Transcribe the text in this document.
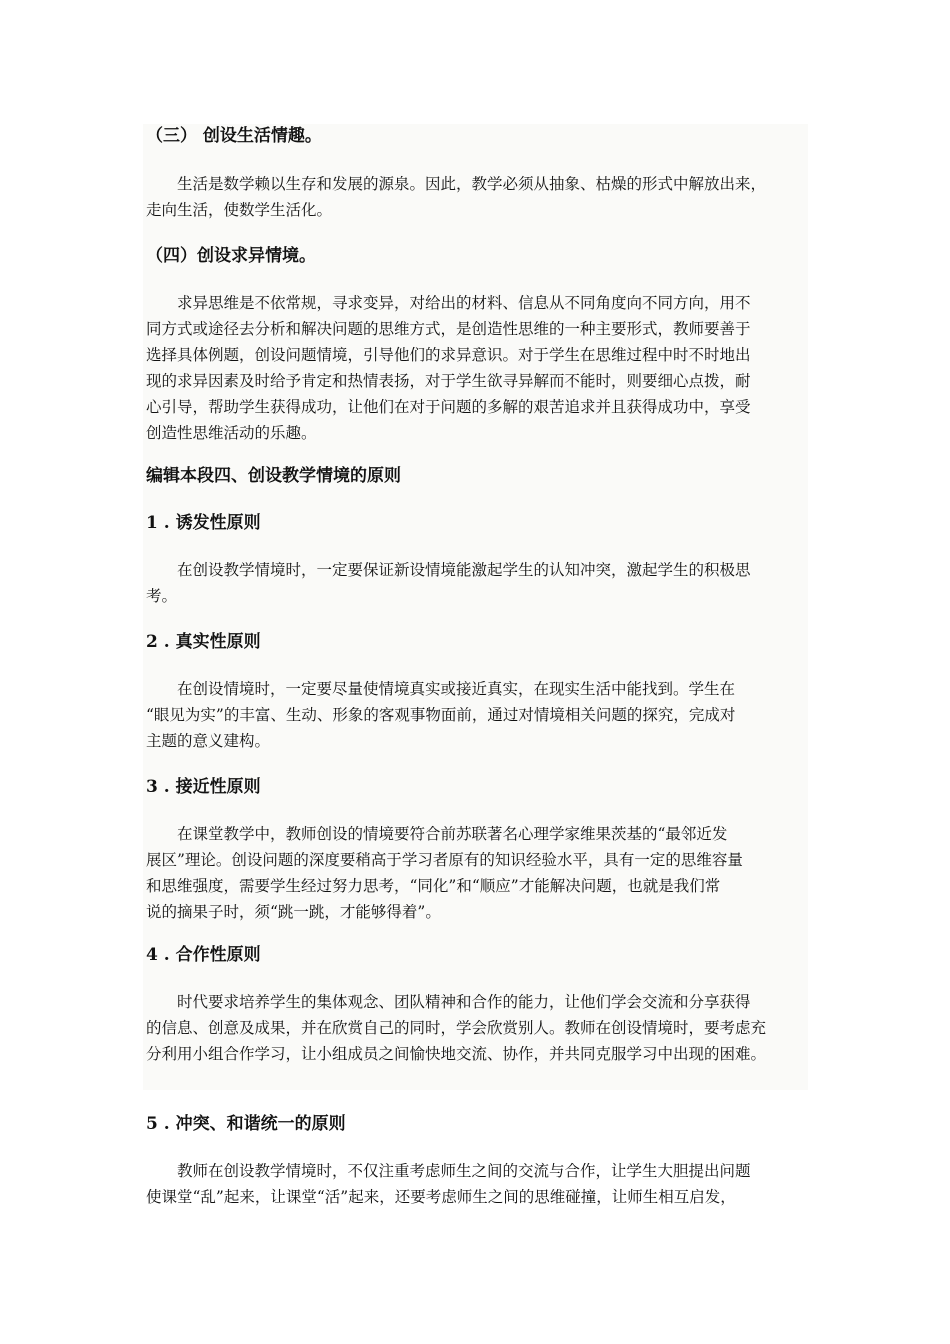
（三） 创设生活情趣。
　　生活是数学赖以生存和发展的源泉。因此，教学必须从抽象、枯燥的形式中解放出来，
走向生活，使数学生活化。
（四）创设求异情境。
　　求异思维是不依常规，寻求变异，对给出的材料、信息从不同角度向不同方向，用不
同方式或途径去分析和解决问题的思维方式，是创造性思维的一种主要形式，教师要善于
选择具体例题，创设问题情境，引导他们的求异意识。对于学生在思维过程中时不时地出
现的求异因素及时给予肯定和热情表扬，对于学生欲寻异解而不能时，则要细心点拨，耐
心引导，帮助学生获得成功，让他们在对于问题的多解的艰苦追求并且获得成功中，享受
创造性思维活动的乐趣。
编辑本段四、创设教学情境的原则
1 . 诱发性原则
　　在创设教学情境时，一定要保证新设情境能激起学生的认知冲突，激起学生的积极思
考。
2 . 真实性原则
　　在创设情境时，一定要尽量使情境真实或接近真实，在现实生活中能找到。学生在
“眼见为实”的丰富、生动、形象的客观事物面前，通过对情境相关问题的探究，完成对
主题的意义建构。
3 . 接近性原则
　　在课堂教学中，教师创设的情境要符合前苏联著名心理学家维果茨基的“最邻近发
展区”理论。创设问题的深度要稍高于学习者原有的知识经验水平，具有一定的思维容量
和思维强度，需要学生经过努力思考，“同化”和“顺应”才能解决问题，也就是我们常
说的摘果子时，须“跳一跳，才能够得着”。
4 . 合作性原则
　　时代要求培养学生的集体观念、团队精神和合作的能力，让他们学会交流和分享获得
的信息、创意及成果，并在欣赏自己的同时，学会欣赏别人。教师在创设情境时，要考虑充
分利用小组合作学习，让小组成员之间愉快地交流、协作，并共同克服学习中出现的困难。
5 . 冲突、和谐统一的原则
　　教师在创设教学情境时，不仅注重考虑师生之间的交流与合作，让学生大胆提出问题
使课堂“乱”起来，让课堂“活”起来，还要考虑师生之间的思维碰撞，让师生相互启发，
